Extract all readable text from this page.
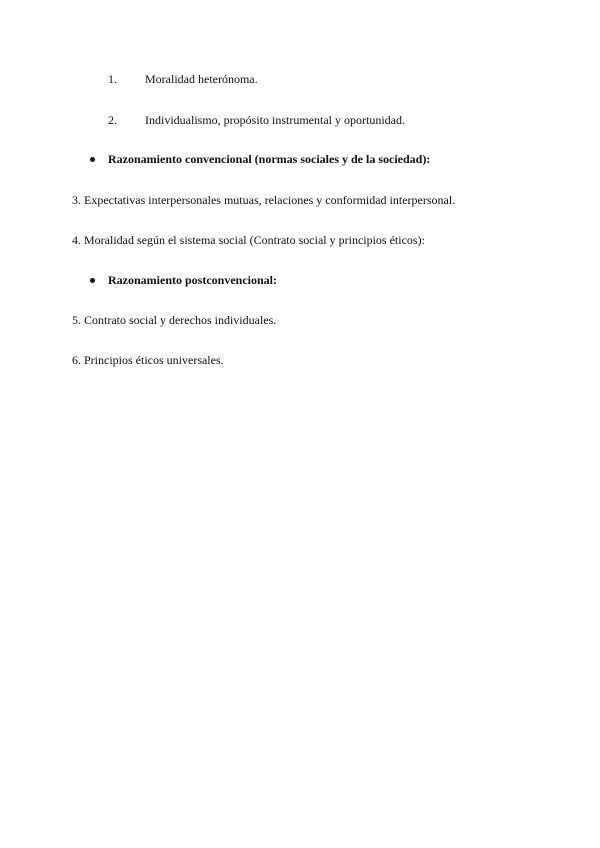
1. Moralidad heterónoma.
2. Individualismo, propósito instrumental y oportunidad.
Razonamiento convencional (normas sociales y de la sociedad):
3. Expectativas interpersonales mutuas, relaciones y conformidad interpersonal.
4. Moralidad según el sistema social (Contrato social y principios éticos):
Razonamiento postconvencional:
5. Contrato social y derechos individuales.
6. Principios éticos universales.
